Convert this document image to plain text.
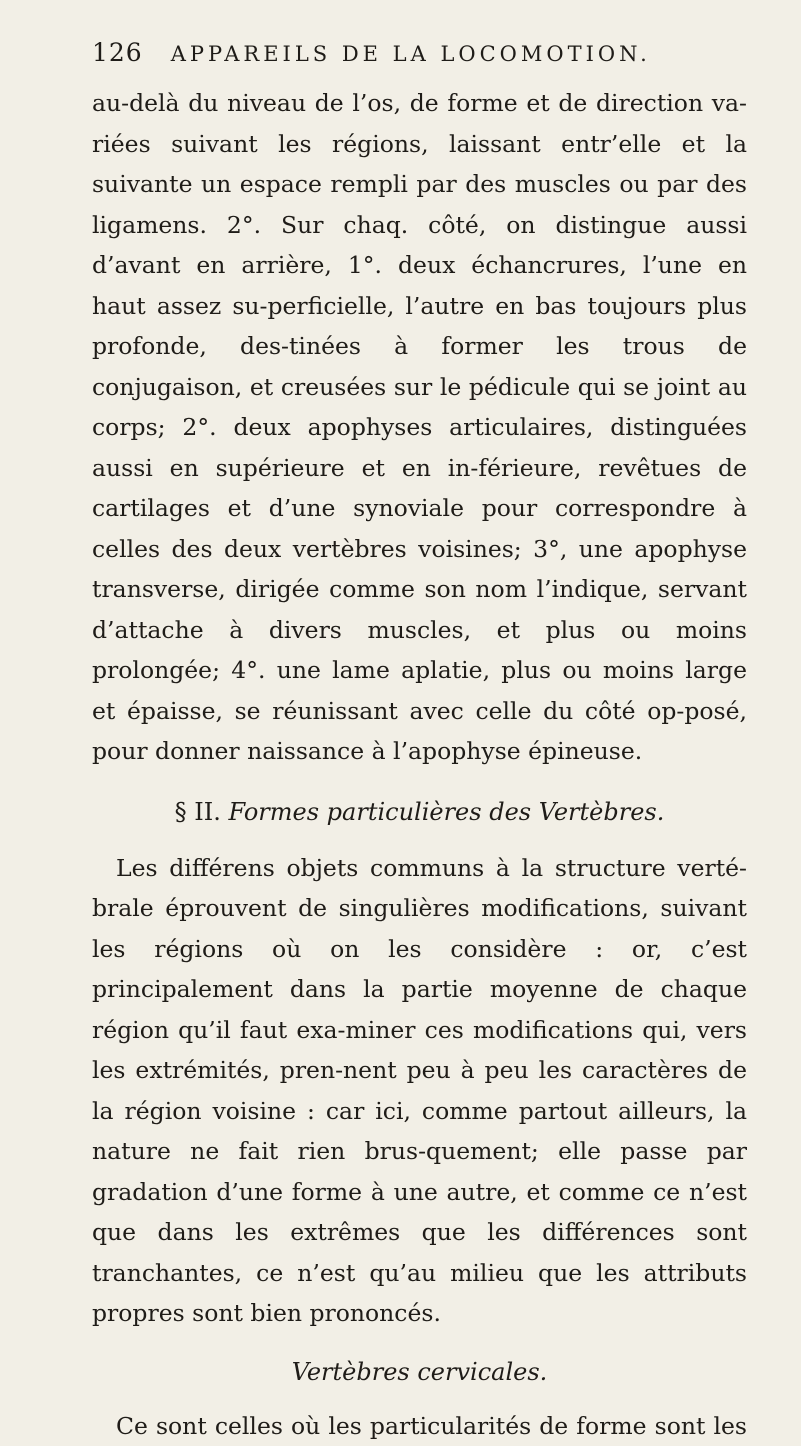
126 APPAREILS DE LA LOCOMOTION.

au-delà du niveau de l’os, de forme et de direction va-riées suivant les régions, laissant entr’elle et la suivante un espace rempli par des muscles ou par des ligamens. 2°. Sur chaq. côté, on distingue aussi d’avant en arrière, 1°. deux échancrures, l’une en haut assez su-perficielle, l’autre en bas toujours plus profonde, des-tinées à former les trous de conjugaison, et creusées sur le pédicule qui se joint au corps; 2°. deux apophyses articulaires, distinguées aussi en supérieure et en in-férieure, revêtues de cartilages et d’une synoviale pour correspondre à celles des deux vertèbres voisines; 3°, une apophyse transverse, dirigée comme son nom l’indique, servant d’attache à divers muscles, et plus ou moins prolongée; 4°. une lame aplatie, plus ou moins large et épaisse, se réunissant avec celle du côté op-posé, pour donner naissance à l’apophyse épineuse.

§ II. Formes particulières des Vertèbres.

Les différens objets communs à la structure verté-brale éprouvent de singulières modifications, suivant les régions où on les considère : or, c’est principalement dans la partie moyenne de chaque région qu’il faut exa-miner ces modifications qui, vers les extrémités, pren-nent peu à peu les caractères de la région voisine : car ici, comme partout ailleurs, la nature ne fait rien brus-quement; elle passe par gradation d’une forme à une autre, et comme ce n’est que dans les extrêmes que les différences sont tranchantes, ce n’est qu’au milieu que les attributs propres sont bien prononcés.

Vertèbres cervicales.

Ce sont celles où les particularités de forme sont les
